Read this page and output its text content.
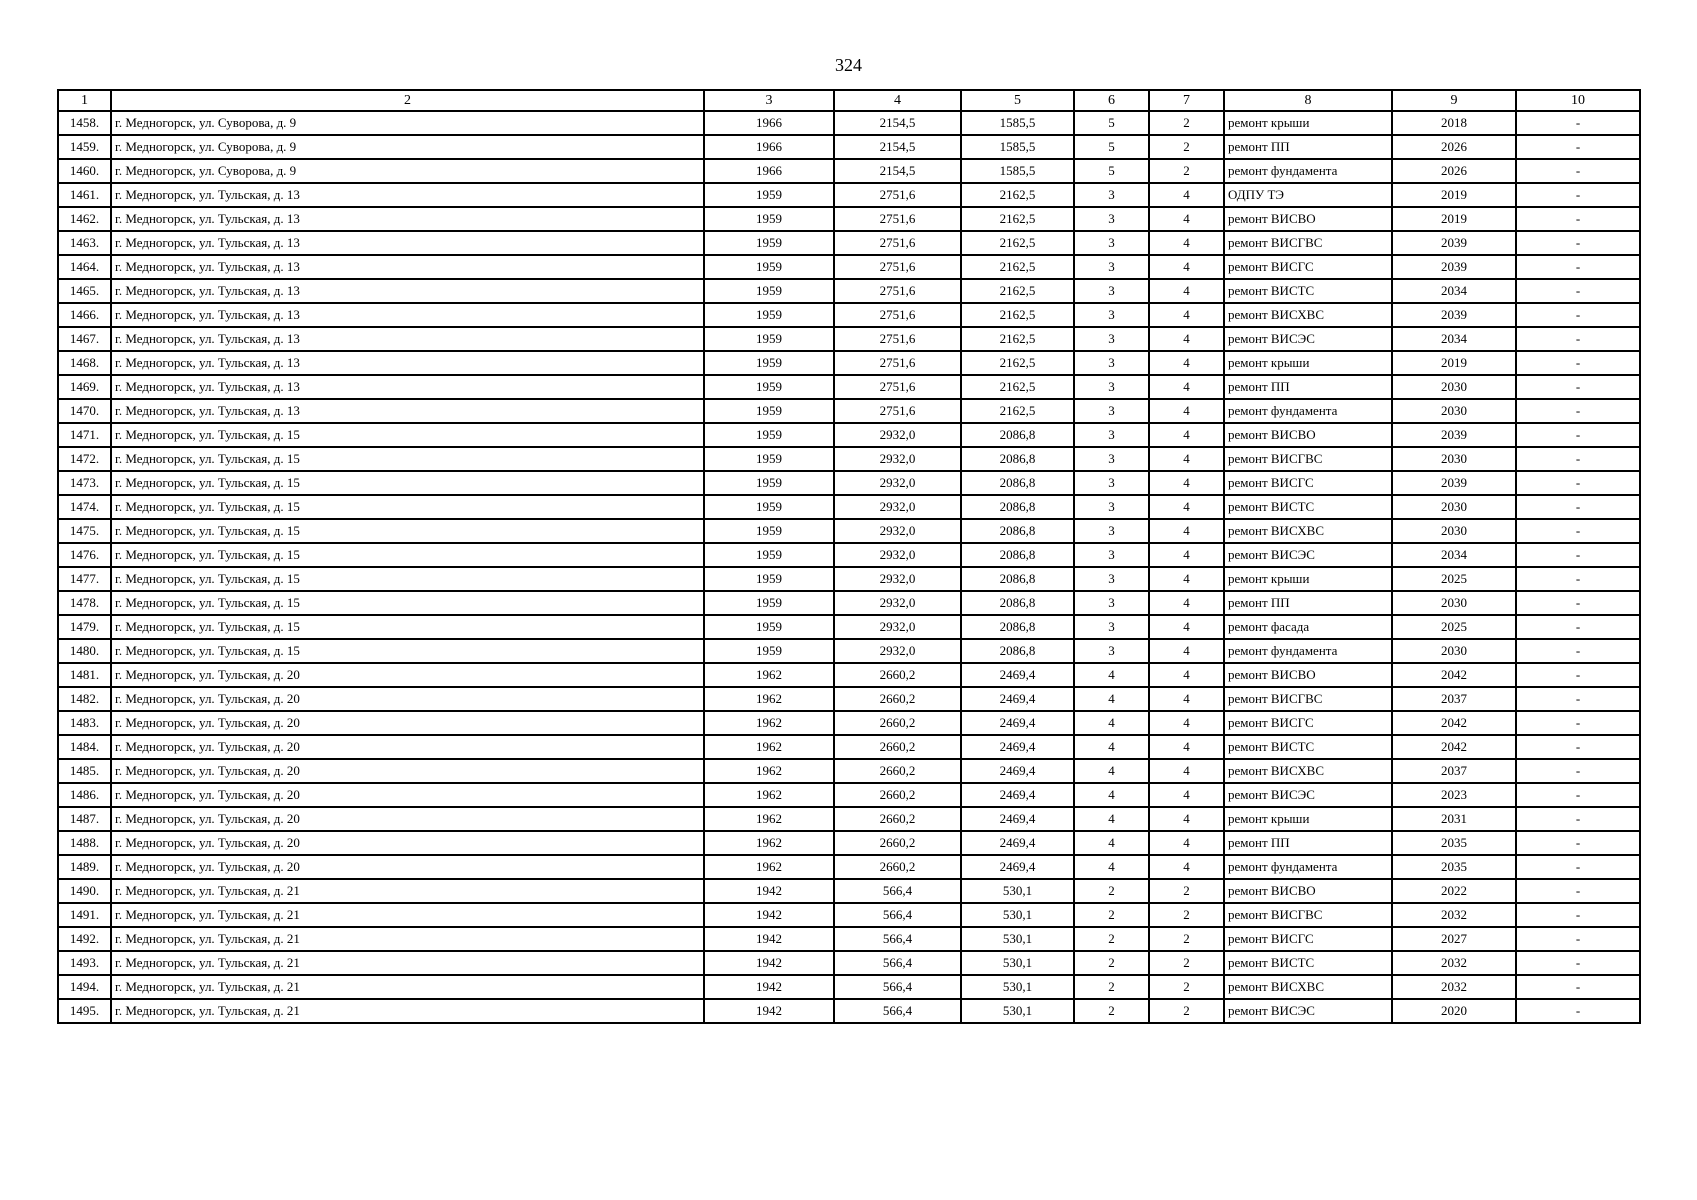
324
1	2	3	4	5	6	7	8	9	10
1458.	г. Медногорск, ул. Суворова, д. 9	1966	2154,5	1585,5	5	2	ремонт крыши	2018	-
1459.	г. Медногорск, ул. Суворова, д. 9	1966	2154,5	1585,5	5	2	ремонт ПП	2026	-
1460.	г. Медногорск, ул. Суворова, д. 9	1966	2154,5	1585,5	5	2	ремонт фундамента	2026	-
1461.	г. Медногорск, ул. Тульская, д. 13	1959	2751,6	2162,5	3	4	ОДПУ ТЭ	2019	-
1462.	г. Медногорск, ул. Тульская, д. 13	1959	2751,6	2162,5	3	4	ремонт ВИСВО	2019	-
1463.	г. Медногорск, ул. Тульская, д. 13	1959	2751,6	2162,5	3	4	ремонт ВИСГВС	2039	-
1464.	г. Медногорск, ул. Тульская, д. 13	1959	2751,6	2162,5	3	4	ремонт ВИСГС	2039	-
1465.	г. Медногорск, ул. Тульская, д. 13	1959	2751,6	2162,5	3	4	ремонт ВИСТС	2034	-
1466.	г. Медногорск, ул. Тульская, д. 13	1959	2751,6	2162,5	3	4	ремонт ВИСХВС	2039	-
1467.	г. Медногорск, ул. Тульская, д. 13	1959	2751,6	2162,5	3	4	ремонт ВИСЭС	2034	-
1468.	г. Медногорск, ул. Тульская, д. 13	1959	2751,6	2162,5	3	4	ремонт крыши	2019	-
1469.	г. Медногорск, ул. Тульская, д. 13	1959	2751,6	2162,5	3	4	ремонт ПП	2030	-
1470.	г. Медногорск, ул. Тульская, д. 13	1959	2751,6	2162,5	3	4	ремонт фундамента	2030	-
1471.	г. Медногорск, ул. Тульская, д. 15	1959	2932,0	2086,8	3	4	ремонт ВИСВО	2039	-
1472.	г. Медногорск, ул. Тульская, д. 15	1959	2932,0	2086,8	3	4	ремонт ВИСГВС	2030	-
1473.	г. Медногорск, ул. Тульская, д. 15	1959	2932,0	2086,8	3	4	ремонт ВИСГС	2039	-
1474.	г. Медногорск, ул. Тульская, д. 15	1959	2932,0	2086,8	3	4	ремонт ВИСТС	2030	-
1475.	г. Медногорск, ул. Тульская, д. 15	1959	2932,0	2086,8	3	4	ремонт ВИСХВС	2030	-
1476.	г. Медногорск, ул. Тульская, д. 15	1959	2932,0	2086,8	3	4	ремонт ВИСЭС	2034	-
1477.	г. Медногорск, ул. Тульская, д. 15	1959	2932,0	2086,8	3	4	ремонт крыши	2025	-
1478.	г. Медногорск, ул. Тульская, д. 15	1959	2932,0	2086,8	3	4	ремонт ПП	2030	-
1479.	г. Медногорск, ул. Тульская, д. 15	1959	2932,0	2086,8	3	4	ремонт фасада	2025	-
1480.	г. Медногорск, ул. Тульская, д. 15	1959	2932,0	2086,8	3	4	ремонт фундамента	2030	-
1481.	г. Медногорск, ул. Тульская, д. 20	1962	2660,2	2469,4	4	4	ремонт ВИСВО	2042	-
1482.	г. Медногорск, ул. Тульская, д. 20	1962	2660,2	2469,4	4	4	ремонт ВИСГВС	2037	-
1483.	г. Медногорск, ул. Тульская, д. 20	1962	2660,2	2469,4	4	4	ремонт ВИСГС	2042	-
1484.	г. Медногорск, ул. Тульская, д. 20	1962	2660,2	2469,4	4	4	ремонт ВИСТС	2042	-
1485.	г. Медногорск, ул. Тульская, д. 20	1962	2660,2	2469,4	4	4	ремонт ВИСХВС	2037	-
1486.	г. Медногорск, ул. Тульская, д. 20	1962	2660,2	2469,4	4	4	ремонт ВИСЭС	2023	-
1487.	г. Медногорск, ул. Тульская, д. 20	1962	2660,2	2469,4	4	4	ремонт крыши	2031	-
1488.	г. Медногорск, ул. Тульская, д. 20	1962	2660,2	2469,4	4	4	ремонт ПП	2035	-
1489.	г. Медногорск, ул. Тульская, д. 20	1962	2660,2	2469,4	4	4	ремонт фундамента	2035	-
1490.	г. Медногорск, ул. Тульская, д. 21	1942	566,4	530,1	2	2	ремонт ВИСВО	2022	-
1491.	г. Медногорск, ул. Тульская, д. 21	1942	566,4	530,1	2	2	ремонт ВИСГВС	2032	-
1492.	г. Медногорск, ул. Тульская, д. 21	1942	566,4	530,1	2	2	ремонт ВИСГС	2027	-
1493.	г. Медногорск, ул. Тульская, д. 21	1942	566,4	530,1	2	2	ремонт ВИСТС	2032	-
1494.	г. Медногорск, ул. Тульская, д. 21	1942	566,4	530,1	2	2	ремонт ВИСХВС	2032	-
1495.	г. Медногорск, ул. Тульская, д. 21	1942	566,4	530,1	2	2	ремонт ВИСЭС	2020	-
